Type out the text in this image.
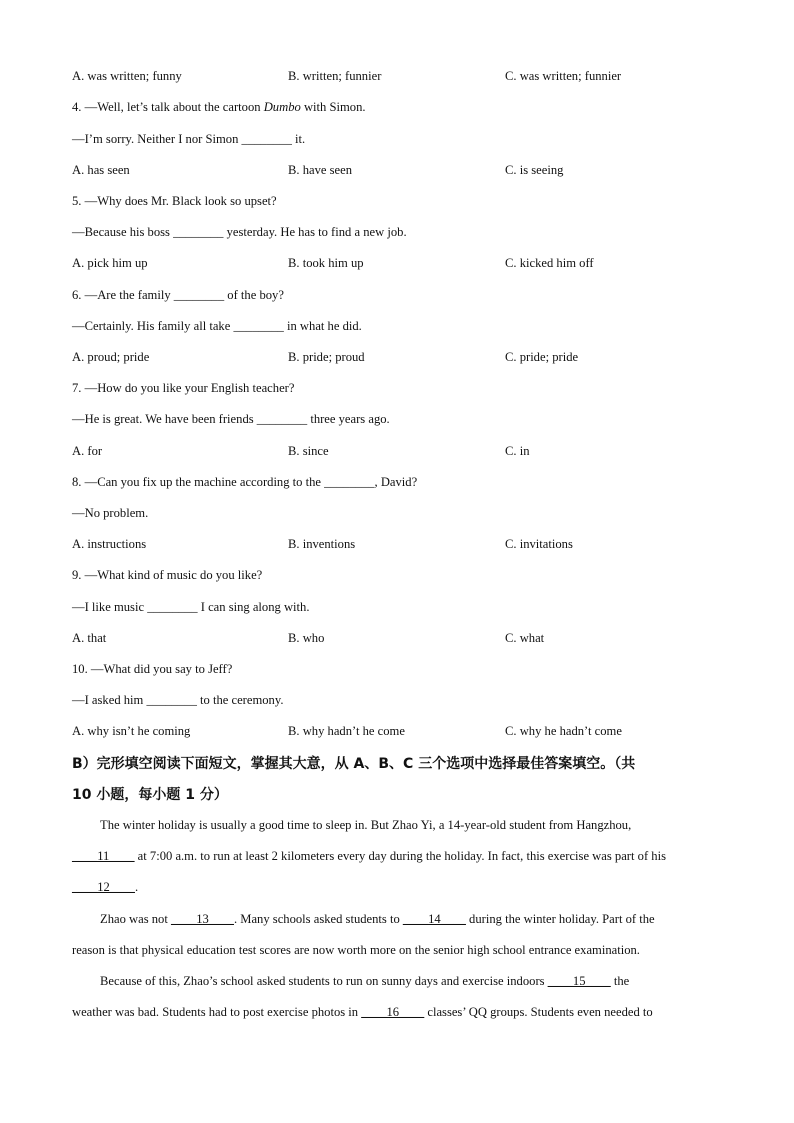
A. was written; funny	B. written; funnier	C. was written; funnier
4. —Well, let’s talk about the cartoon Dumbo with Simon.
—I’m sorry. Neither I nor Simon ________ it.
A. has seen	B. have seen	C. is seeing
5. —Why does Mr. Black look so upset?
—Because his boss ________ yesterday. He has to find a new job.
A. pick him up	B. took him up	C. kicked him off
6. —Are the family ________ of the boy?
—Certainly. His family all take ________ in what he did.
A. proud; pride	B. pride; proud	C. pride; pride
7. —How do you like your English teacher?
—He is great. We have been friends ________ three years ago.
A. for	B. since	C. in
8. —Can you fix up the machine according to the ________, David?
—No problem.
A. instructions	B. inventions	C. invitations
9. —What kind of music do you like?
—I like music ________ I can sing along with.
A. that	B. who	C. what
10. —What did you say to Jeff?
—I asked him ________ to the ceremony.
A. why isn’t he coming	B. why hadn’t he come	C. why he hadn’t come
B）完形填空阅读下面短文，掌握其大意，从 A、B、C 三个选项中选择最佳答案填空。（共
10 小题，每小题 1 分）
The winter holiday is usually a good time to sleep in. But Zhao Yi, a 14-year-old student from Hangzhou,
____11____ at 7:00 a.m. to run at least 2 kilometers every day during the holiday. In fact, this exercise was part of his
____12____.
Zhao was not ____13____. Many schools asked students to ____14____ during the winter holiday. Part of the
reason is that physical education test scores are now worth more on the senior high school entrance examination.
Because of this, Zhao’s school asked students to run on sunny days and exercise indoors ____15____ the
weather was bad. Students had to post exercise photos in ____16____ classes’ QQ groups. Students even needed to
